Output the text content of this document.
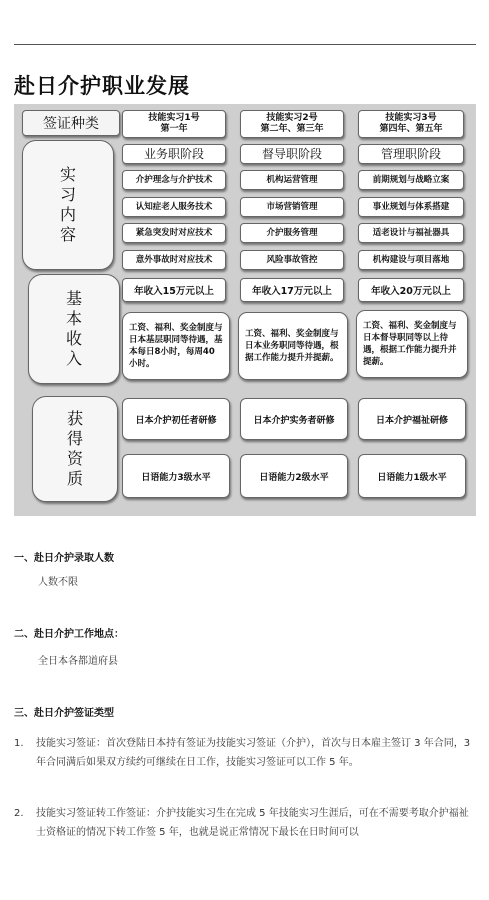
赴日介护职业发展
签证种类	技能实习1号
第一年
业务职阶段
介护理念与介护技术
认知症老人服务技术
紧急突发时对应技术
意外事故时对应技术
年收入15万元以上
工资、福利、奖金制度与日本基层职同等待遇，基本每日8小时，每周40小时。
日本介护初任者研修
日语能力3级水平
技能实习2号
第二年、第三年
督导职阶段
机构运营管理
市场营销管理
介护服务管理
风险事故管控
年收入17万元以上
工资、福利、奖金制度与日本业务职同等待遇，根据工作能力提升并提薪。
日本介护实务者研修
日语能力2级水平
技能实习3号
第四年、第五年
管理职阶段
前期规划与战略立案
事业规划与体系搭建
适老设计与福祉器具
机构建设与项目落地
年收入20万元以上
工资、福利、奖金制度与日本督导职同等以上待遇，根据工作能力提升并提薪。
日本介护福祉研修
日语能力1级水平
实习内容
基本收入
获得资质
一、赴日介护录取人数
人数不限
二、赴日介护工作地点：
全日本各都道府县
三、赴日介护签证类型
1. 技能实习签证：首次登陆日本持有签证为技能实习签证（介护），首次与日本雇主签订 3 年合同，3 年合同满后如果双方续约可继续在日工作，技能实习签证可以工作 5 年。
2. 技能实习签证转工作签证：介护技能实习生在完成 5 年技能实习生涯后，可在不需要考取介护福祉士资格证的情况下转工作签 5 年，也就是说正常情况下最长在日时间可以
